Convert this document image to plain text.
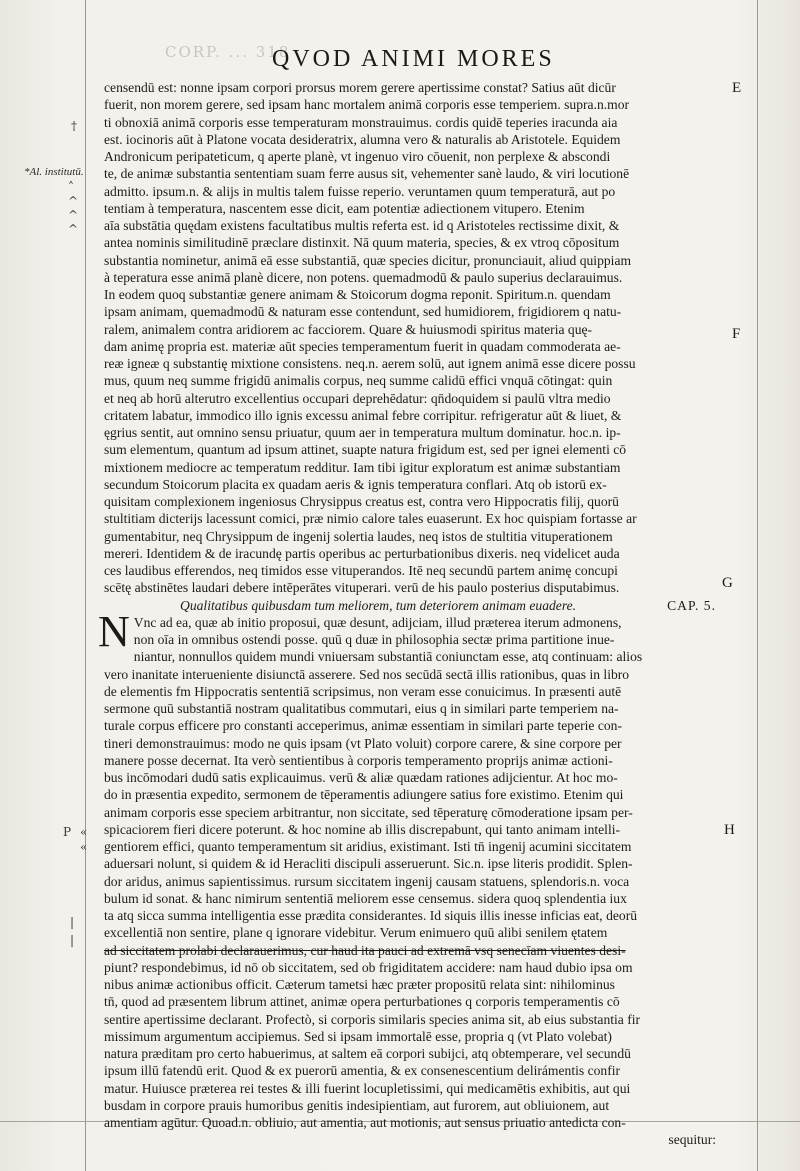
CORP. ... 318
QVOD ANIMI MORES
*Al. institutū.
E
F
G
H
†
˄
^
^
^
P «
«
|
|
censendū est: nonne ipsam corpori prorsus morem gerere apertissime constat? Satius aūt dicūr
fuerit, non morem gerere, sed ipsam hanc mortalem animā corporis esse temperiem. supra.n.mor
ti obnoxiā animā corporis esse temperaturam monstrauimus. cordis quidē teperies iracunda aia
est. iocinoris aūt à Platone vocata desideratrix, alumna vero & naturalis ab Aristotele. Equidem
Andronicum peripateticum, q aperte planè, vt ingenuo viro cōuenit, non perplexe & abscondi
te, de animæ substantia sententiam suam ferre ausus sit, vehementer sanè laudo, & viri locutionē
admitto. ipsum.n. & alijs in multis talem fuisse reperio. veruntamen quum temperaturā, aut po
tentiam à temperatura, nascentem esse dicit, eam potentiæ adiectionem vitupero. Etenim
aīa substātia quędam existens facultatibus multis referta est. id q Aristoteles rectissime dixit, &
antea nominis similitudinē præclare distinxit. Nā quum materia, species, & ex vtroq cōpositum
substantia nominetur, animā eā esse substantiā, quæ species dicitur, pronunciauit, aliud quippiam
à teperatura esse animā planè dicere, non potens. quemadmodū & paulo superius declarauimus.
In eodem quoq substantiæ genere animam & Stoicorum dogma reponit. Spiritum.n. quendam
ipsam animam, quemadmodū & naturam esse contendunt, sed humidiorem, frigidiorem q natu-
ralem, animalem contra aridiorem ac facciorem. Quare & huiusmodi spiritus materia quę-
dam animę propria est. materiæ aūt species temperamentum fuerit in quadam commoderata ae-
reæ igneæ q substantię mixtione consistens. neq.n. aerem solū, aut ignem animā esse dicere possu
mus, quum neq summe frigidū animalis corpus, neq summe calidū effici vnquā cōtingat: quin
et neq ab horū alterutro excellentius occupari deprehēdatur: qn̄doquidem si paulū vltra medio
critatem labatur, immodico illo ignis excessu animal febre corripitur. refrigeratur aūt & liuet, &
ęgrius sentit, aut omnino sensu priuatur, quum aer in temperatura multum dominatur. hoc.n. ip-
sum elementum, quantum ad ipsum attinet, suapte natura frigidum est, sed per ignei elementi cō
mixtionem mediocre ac temperatum redditur. Iam tibi igitur exploratum est animæ substantiam
secundum Stoicorum placita ex quadam aeris & ignis temperatura conflari. Atq ob istorū ex-
quisitam complexionem ingeniosus Chrysippus creatus est, contra vero Hippocratis filij, quorū
stultitiam dicterijs lacessunt comici, præ nimio calore tales euaserunt. Ex hoc quispiam fortasse ar
gumentabitur, neq Chrysippum de ingenij solertia laudes, neq istos de stultitia vituperationem
mereri. Identidem & de iracundę partis operibus ac perturbationibus dixeris. neq videlicet auda
ces laudibus efferendos, neq timidos esse vituperandos. Itē neq secundū partem animę concupi
scētę abstinētes laudari debere intēperātes vituperari. verū de his paulo posterius disputabimus.
Qualitatibus quibusdam tum meliorem, tum deteriorem animam euadere.	CAP. 5.
N Vnc ad ea, quæ ab initio proposui, quæ desunt, adijciam, illud præterea iterum admonens,
non oīa in omnibus ostendi posse. quū q duæ in philosophia sectæ prima partitione inue-
niantur, nonnullos quidem mundi vniuersam substantiā coniunctam esse, atq continuam: alios
vero inanitate interueniente disiunctā asserere. Sed nos secūdā sectā illis rationibus, quas in libro
de elementis fm Hippocratis sententiā scripsimus, non veram esse conuicimus. In præsenti autē
sermone quū substantiā nostram qualitatibus commutari, eius q in similari parte temperiem na-
turale corpus efficere pro constanti acceperimus, animæ essentiam in similari parte teperie con-
tineri demonstrauimus: modo ne quis ipsam (vt Plato voluit) corpore carere, & sine corpore per
manere posse decernat. Ita verò sentientibus à corporis temperamento proprijs animæ actioni-
bus incōmodari dudū satis explicauimus. verū & aliæ quædam rationes adijcientur. At hoc mo-
do in præsentia expedito, sermonem de tēperamentis adiungere satius fore existimo. Etenim qui
animam corporis esse speciem arbitrantur, non siccitate, sed tēperaturę cōmoderatione ipsam per-
spicaciorem fieri dicere poterunt. & hoc nomine ab illis discrepabunt, qui tanto animam intelli-
gentiorem effici, quanto temperamentum sit aridius, existimant. Isti tn̄ ingenij acumini siccitatem
aduersari nolunt, si quidem & id Heracliti discipuli asseruerunt. Sic.n. ipse literis prodidit. Splen-
dor aridus, animus sapientissimus. rursum siccitatem ingenij causam statuens, splendoris.n. voca
bulum id sonat. & hanc nimirum sententiā meliorem esse censemus. sidera quoq splendentia iux
ta atq sicca summa intelligentia esse prædita considerantes. Id siquis illis inesse inficias eat, deorū
excellentiā non sentire, plane q ignorare videbitur. Verum enimuero quū alibi senilem ętatem
ad siccitatem prolabi declarauerimus, cur haud ita pauci ad extremā vsq senecīam viuentes desi-
piunt? respondebimus, id nō ob siccitatem, sed ob frigiditatem accidere: nam haud dubio ipsa om
nibus animæ actionibus officit. Cæterum tametsi hæc præter propositū relata sint: nihilominus
tn̄, quod ad præsentem librum attinet, animæ opera perturbationes q corporis temperamentis cō
sentire apertissime declarant. Profectò, si corporis similaris species anima sit, ab eius substantia fir
missimum argumentum accipiemus. Sed si ipsam immortalē esse, propria q (vt Plato volebat)
natura præditam pro certo habuerimus, at saltem eā corpori subijci, atq obtemperare, vel secundū
ipsum illū fatendū erit. Quod & ex puerorū amentia, & ex consenescentium delirámentis confir
matur. Huiusce præterea rei testes & illi fuerint locupletissimi, qui medicamētis exhibitis, aut qui
busdam in corpore prauis humoribus genitis indesipientiam, aut furorem, aut obliuionem, aut
amentiam agūtur. Quoad.n. obliuio, aut amentia, aut motionis, aut sensus priuatio antedicta con-
sequitur:
